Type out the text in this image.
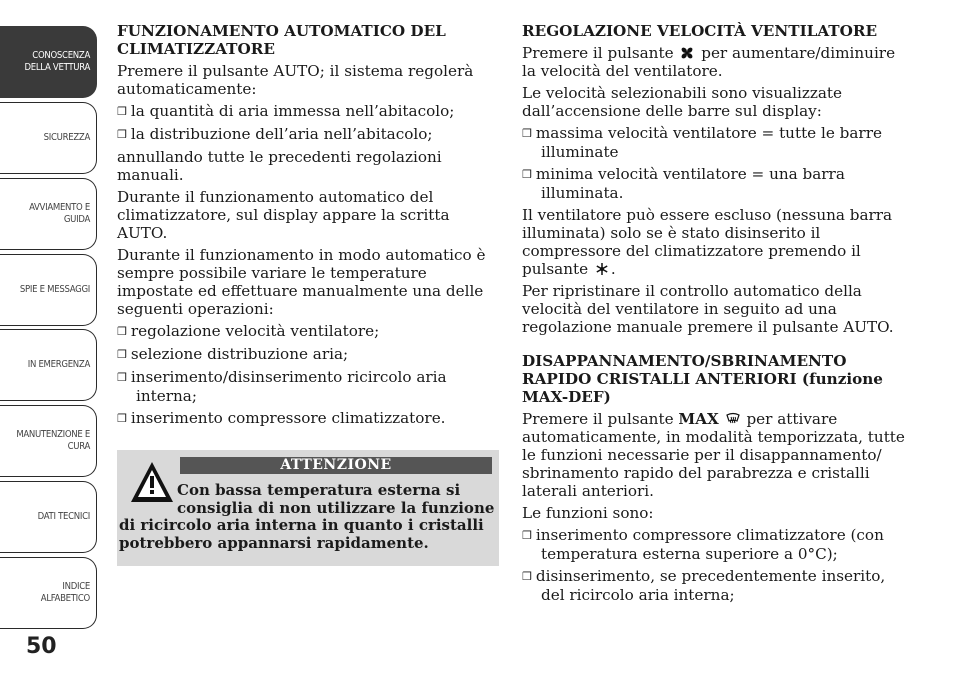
CONOSCENZA
DELLA VETTURA
SICUREZZA
AVVIAMENTO E
GUIDA
SPIE E MESSAGGI
IN EMERGENZA
MANUTENZIONE E
CURA
DATI TECNICI
INDICE
ALFABETICO
50
FUNZIONAMENTO AUTOMATICO DEL CLIMATIZZATORE

Premere il pulsante AUTO; il sistema regolerà automaticamente:

❒ la quantità di aria immessa nell’abitacolo;

❒ la distribuzione dell’aria nell’abitacolo;

annullando tutte le precedenti regolazioni manuali.

Durante il funzionamento automatico del climatizzatore, sul display appare la scritta AUTO.

Durante il funzionamento in modo automatico è sempre possibile variare le temperature impostate ed effettuare manualmente una delle seguenti operazioni:

❒ regolazione velocità ventilatore;

❒ selezione distribuzione aria;

❒ inserimento/disinserimento ricircolo aria interna;

❒ inserimento compressore climatizzatore.

ATTENZIONE
Con bassa temperatura esterna si
consiglia di non utilizzare la funzione
di ricircolo aria interna in quanto i cristalli potrebbero appannarsi rapidamente.
REGOLAZIONE VELOCITÀ VENTILATORE

Premere il pulsante per aumentare/diminuire la velocità del ventilatore.

Le velocità selezionabili sono visualizzate dall’accensione delle barre sul display:

❒ massima velocità ventilatore = tutte le barre illuminate

❒ minima velocità ventilatore = una barra illuminata.

Il ventilatore può essere escluso (nessuna barra illuminata) solo se è stato disinserito il compressore del climatizzatore premendo il pulsante .

Per ripristinare il controllo automatico della velocità del ventilatore in seguito ad una regolazione manuale premere il pulsante AUTO.

DISAPPANNAMENTO/SBRINAMENTO RAPIDO CRISTALLI ANTERIORI (funzione MAX-DEF)

Premere il pulsante MAX per attivare automaticamente, in modalità temporizzata, tutte le funzioni necessarie per il disappannamento/ sbrinamento rapido del parabrezza e cristalli laterali anteriori.

Le funzioni sono:

❒ inserimento compressore climatizzatore (con temperatura esterna superiore a 0°C);

❒ disinserimento, se precedentemente inserito, del ricircolo aria interna;
